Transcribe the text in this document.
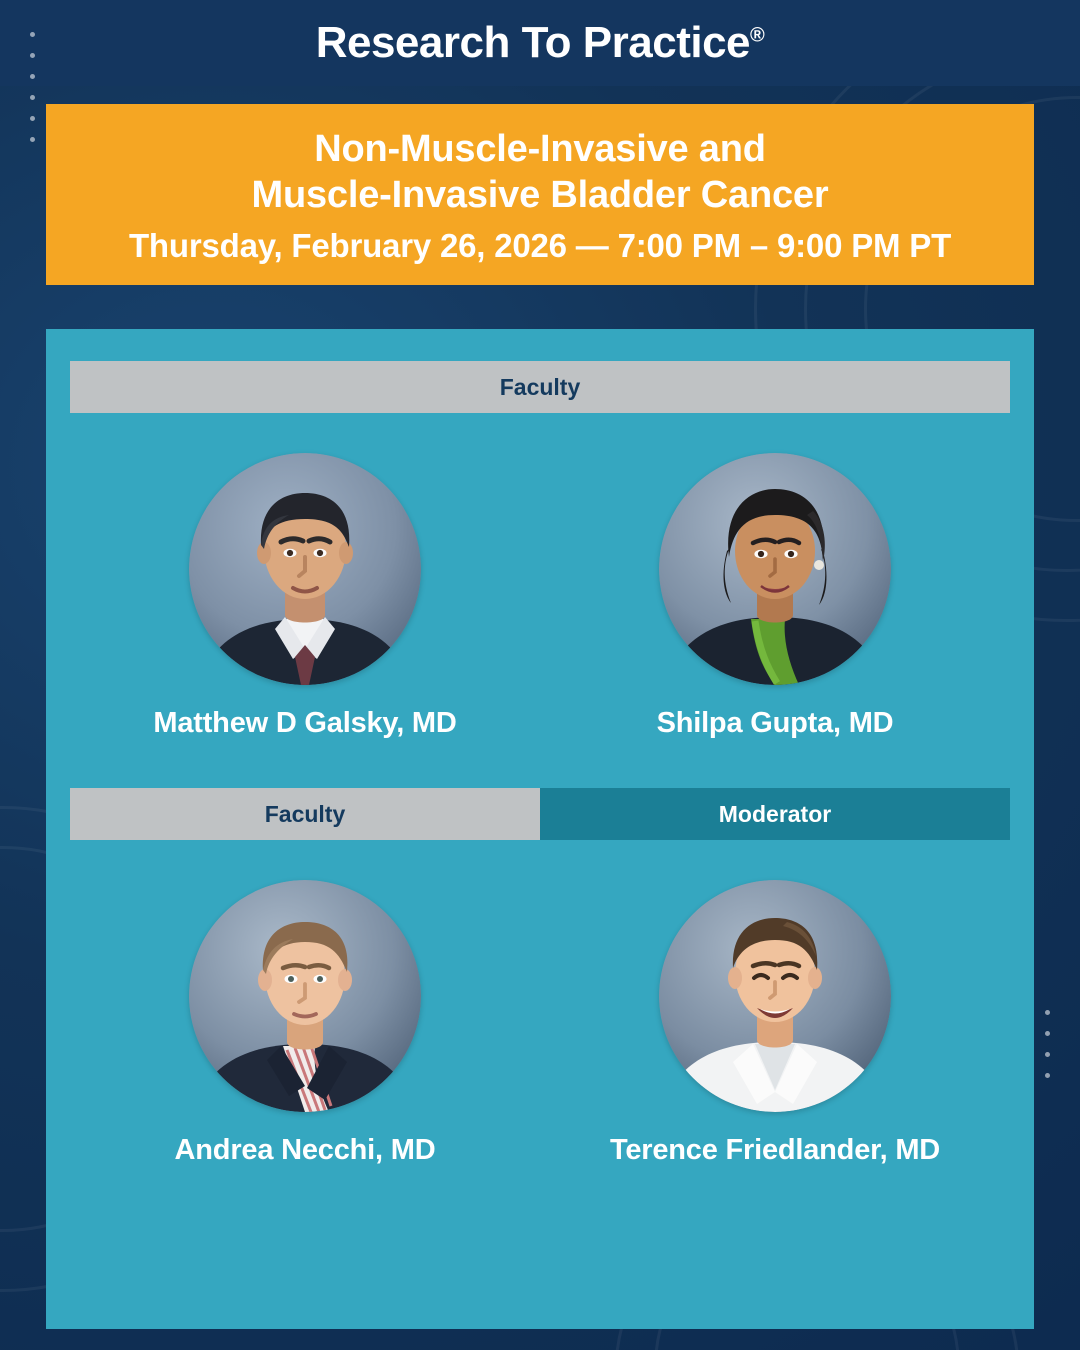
Research To Practice®
Non-Muscle-Invasive and
Muscle-Invasive Bladder Cancer
Thursday, February 26, 2026 — 7:00 PM – 9:00 PM PT
Faculty
Matthew D Galsky, MD	Shilpa Gupta, MD
Faculty	Moderator
Andrea Necchi, MD	Terence Friedlander, MD
